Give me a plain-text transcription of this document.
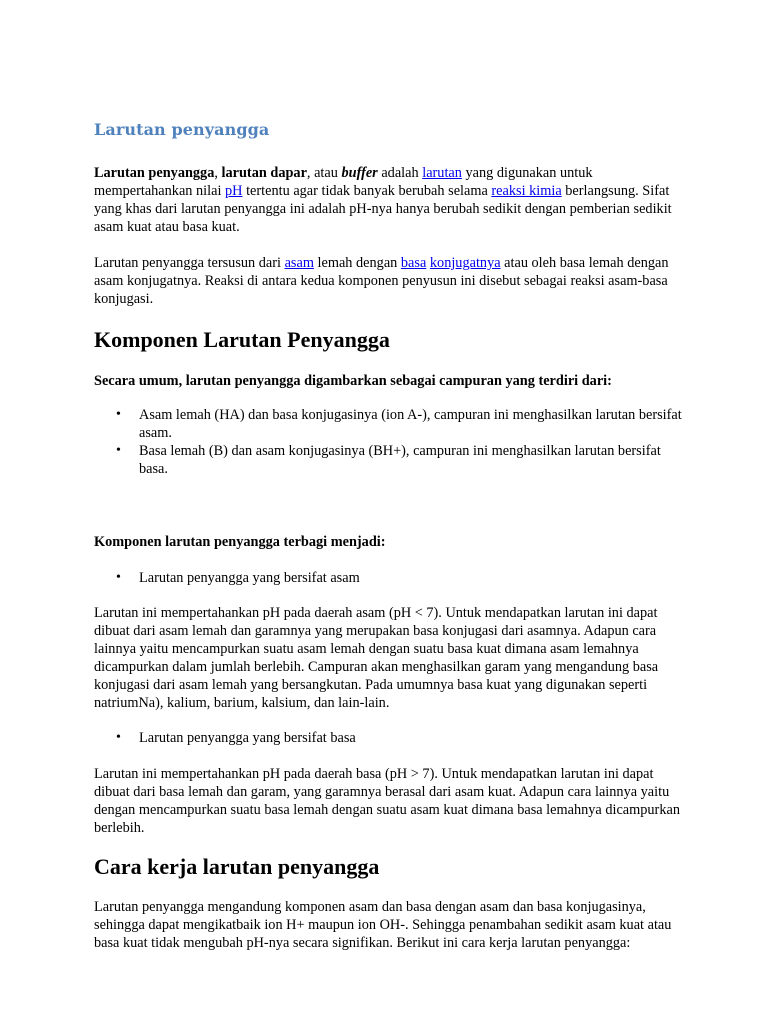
Larutan penyangga

Larutan penyangga, larutan dapar, atau buffer adalah larutan yang digunakan untuk mempertahankan nilai pH tertentu agar tidak banyak berubah selama reaksi kimia berlangsung. Sifat yang khas dari larutan penyangga ini adalah pH-nya hanya berubah sedikit dengan pemberian sedikit asam kuat atau basa kuat.

Larutan penyangga tersusun dari asam lemah dengan basa konjugatnya atau oleh basa lemah dengan asam konjugatnya. Reaksi di antara kedua komponen penyusun ini disebut sebagai reaksi asam-basa konjugasi.

Komponen Larutan Penyangga

Secara umum, larutan penyangga digambarkan sebagai campuran yang terdiri dari:

• Asam lemah (HA) dan basa konjugasinya (ion A-), campuran ini menghasilkan larutan bersifat asam.
• Basa lemah (B) dan asam konjugasinya (BH+), campuran ini menghasilkan larutan bersifat basa.

Komponen larutan penyangga terbagi menjadi:

• Larutan penyangga yang bersifat asam

Larutan ini mempertahankan pH pada daerah asam (pH < 7). Untuk mendapatkan larutan ini dapat dibuat dari asam lemah dan garamnya yang merupakan basa konjugasi dari asamnya. Adapun cara lainnya yaitu mencampurkan suatu asam lemah dengan suatu basa kuat dimana asam lemahnya dicampurkan dalam jumlah berlebih. Campuran akan menghasilkan garam yang mengandung basa konjugasi dari asam lemah yang bersangkutan. Pada umumnya basa kuat yang digunakan seperti natriumNa), kalium, barium, kalsium, dan lain-lain.

• Larutan penyangga yang bersifat basa

Larutan ini mempertahankan pH pada daerah basa (pH > 7). Untuk mendapatkan larutan ini dapat dibuat dari basa lemah dan garam, yang garamnya berasal dari asam kuat. Adapun cara lainnya yaitu dengan mencampurkan suatu basa lemah dengan suatu asam kuat dimana basa lemahnya dicampurkan berlebih.

Cara kerja larutan penyangga

Larutan penyangga mengandung komponen asam dan basa dengan asam dan basa konjugasinya, sehingga dapat mengikatbaik ion H+ maupun ion OH-. Sehingga penambahan sedikit asam kuat atau basa kuat tidak mengubah pH-nya secara signifikan. Berikut ini cara kerja larutan penyangga:
